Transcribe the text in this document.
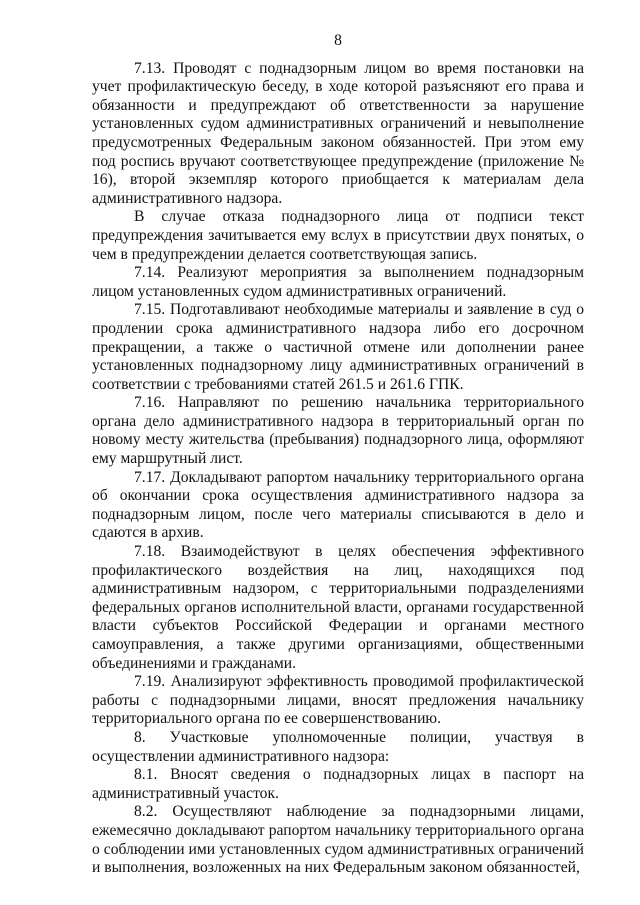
8

7.13. Проводят с поднадзорным лицом во время постановки на учет профилактическую беседу, в ходе которой разъясняют его права и обязанности и предупреждают об ответственности за нарушение установленных судом административных ограничений и невыполнение предусмотренных Федеральным законом обязанностей. При этом ему под роспись вручают соответствующее предупреждение (приложение № 16), второй экземпляр которого приобщается к материалам дела административного надзора.

В случае отказа поднадзорного лица от подписи текст предупреждения зачитывается ему вслух в присутствии двух понятых, о чем в предупреждении делается соответствующая запись.

7.14. Реализуют мероприятия за выполнением поднадзорным лицом установленных судом административных ограничений.

7.15. Подготавливают необходимые материалы и заявление в суд о продлении срока административного надзора либо его досрочном прекращении, а также о частичной отмене или дополнении ранее установленных поднадзорному лицу административных ограничений в соответствии с требованиями статей 261.5 и 261.6 ГПК.

7.16. Направляют по решению начальника территориального органа дело административного надзора в территориальный орган по новому месту жительства (пребывания) поднадзорного лица, оформляют ему маршрутный лист.

7.17. Докладывают рапортом начальнику территориального органа об окончании срока осуществления административного надзора за поднадзорным лицом, после чего материалы списываются в дело и сдаются в архив.

7.18. Взаимодействуют в целях обеспечения эффективного профилактического воздействия на лиц, находящихся под административным надзором, с территориальными подразделениями федеральных органов исполнительной власти, органами государственной власти субъектов Российской Федерации и органами местного самоуправления, а также другими организациями, общественными объединениями и гражданами.

7.19. Анализируют эффективность проводимой профилактической работы с поднадзорными лицами, вносят предложения начальнику территориального органа по ее совершенствованию.

8. Участковые уполномоченные полиции, участвуя в осуществлении административного надзора:

8.1. Вносят сведения о поднадзорных лицах в паспорт на административный участок.

8.2. Осуществляют наблюдение за поднадзорными лицами, ежемесячно докладывают рапортом начальнику территориального органа о соблюдении ими установленных судом административных ограничений и выполнения, возложенных на них Федеральным законом обязанностей,
